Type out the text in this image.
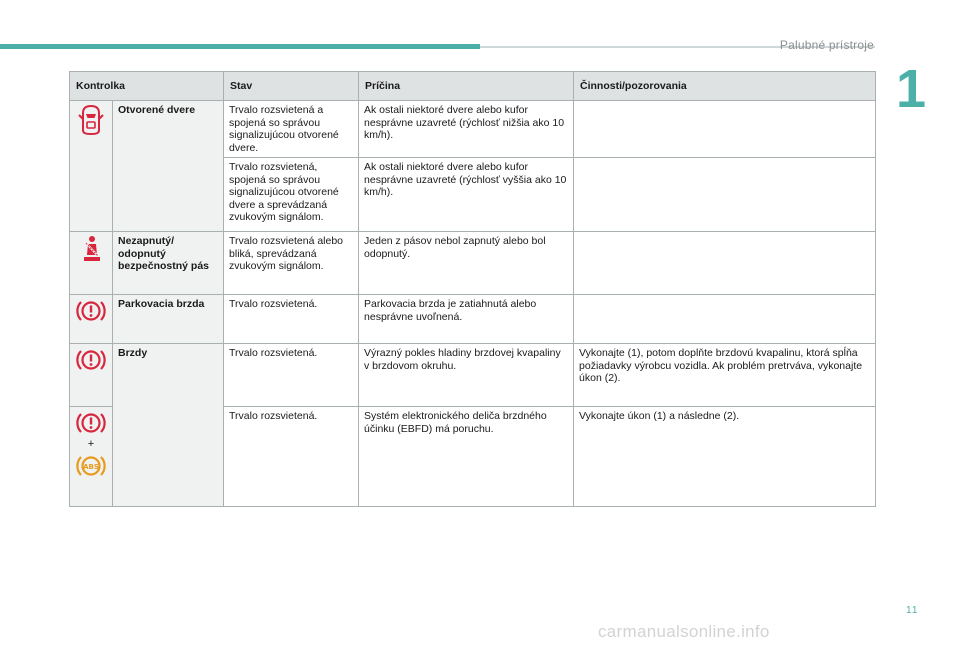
Palubné prístroje
1
Kontrolka		Stav	Príčina	Činnosti/pozorovania

	Otvorené dvere	Trvalo rozsvietená a spojená so správou signalizujúcou otvorené dvere.	Ak ostali niektoré dvere alebo kufor nesprávne uzavreté (rýchlosť nižšia ako 10 km/h).	
		Trvalo rozsvietená, spojená so správou signalizujúcou otvorené dvere a sprevádzaná zvukovým signálom.	Ak ostali niektoré dvere alebo kufor nesprávne uzavreté (rýchlosť vyššia ako 10 km/h).	

	Nezapnutý/ odopnutý bezpečnostný pás	Trvalo rozsvietená alebo bliká, sprevádzaná zvukovým signálom.	Jeden z pásov nebol zapnutý alebo bol odopnutý.	

	Parkovacia brzda	Trvalo rozsvietená.	Parkovacia brzda je zatiahnutá alebo nesprávne uvoľnená.	

	Brzdy	Trvalo rozsvietená.	Výrazný pokles hladiny brzdovej kvapaliny v brzdovom okruhu.	Vykonajte (1), potom doplňte brzdovú kvapalinu, ktorá spĺňa požiadavky výrobcu vozidla. Ak problém pretrváva, vykonajte úkon (2).

+
ABS		Trvalo rozsvietená.	Systém elektronického deliča brzdného účinku (EBFD) má poruchu.	Vykonajte úkon (1) a následne (2).
11
carmanualsonline.info
